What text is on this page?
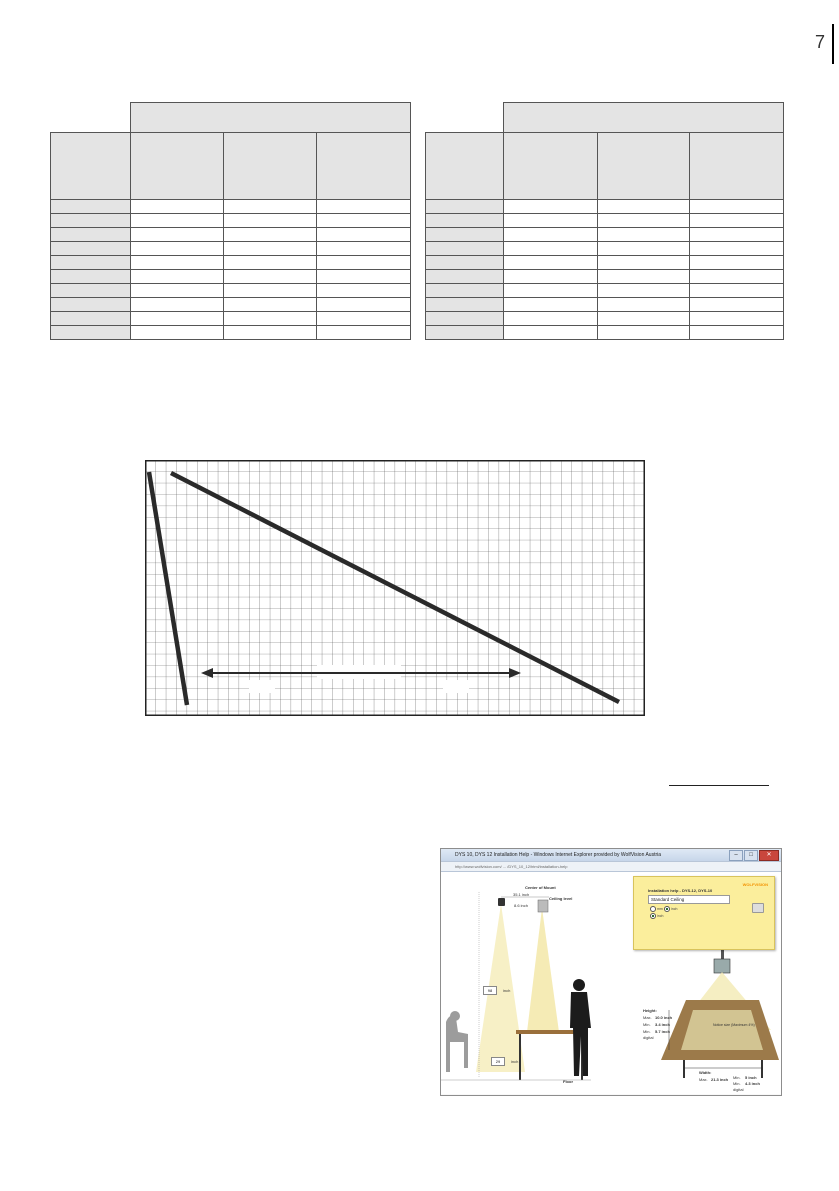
7

DYS 10, DYS 12 Installation Help - Windows Internet Explorer provided by WolfVision Austria	–	□	✕
http://www.wolfvision.com/ ... /DYS_10_12/html/installation-help
Center of Mount
35.1 inch
Ceiling level
8.6 inch
98	inch
29	inch
Floor
Installation help - DYS-12, DYS-10
Standard Ceiling
mm	inch
inch
WOLFVISION
Height:
Max. 10.0 inch
Min. 3.4 inch
Min. 5.7 inch
digital
Notice size (Maximum 4%)
Width:
Max. 21.3 inch Min. 5 inch
Min. 4.3 inch
digital
